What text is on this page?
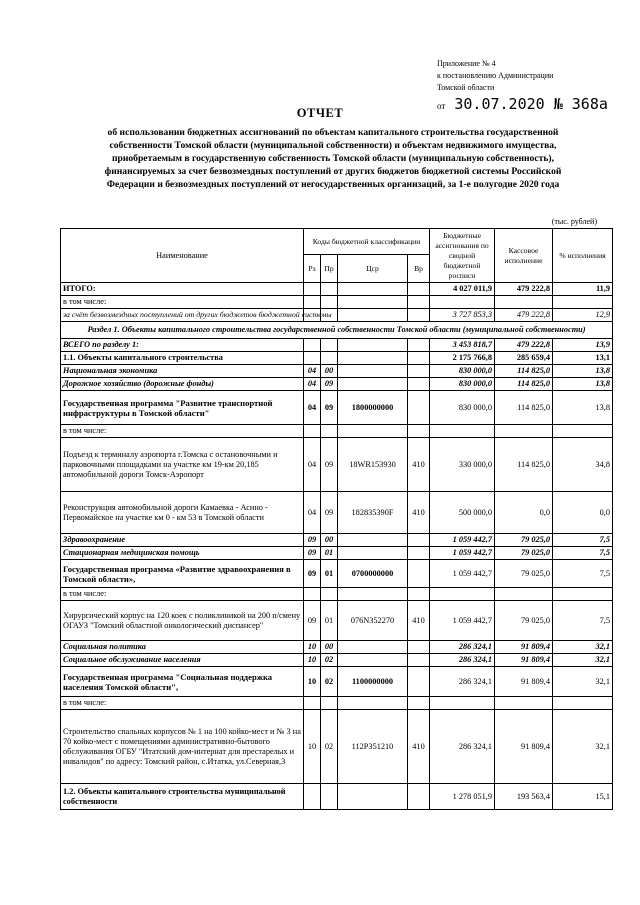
Приложение № 4
к постановлению Администрации
Томской области
от 30.07.2020 № 368а
ОТЧЕТ
об использовании бюджетных ассигнований по объектам капитального строительства государственной собственности Томской области (муниципальной собственности) и объектам недвижимого имущества, приобретаемым в государственную собственность Томской области (муниципальную собственность), финансируемых за счет безвозмездных поступлений от других бюджетов бюджетной системы Российской Федерации и безвозмездных поступлений от негосударственных организаций, за 1-е полугодие 2020 года
(тыс. рублей)
Наименование	Коды бюджетной классификации				Бюджетные ассигнования по сводной бюджетной росписи	Кассовое исполнение	% исполнения
	Рз	Пр	Цср	Вр			
ИТОГО:					4 027 011,9	479 222,8	11,9
в том числе:							
за счёт безвозмездных поступлений от других бюджетов бюджетной системы					3 727 853,3	479 222,8	12,9
Раздел 1. Объекты капитального строительства государственной собственности Томской области (муниципальной собственности)							
ВСЕГО по разделу 1:					3 453 818,7	479 222,8	13,9
1.1. Объекты капитального строительства					2 175 766,8	285 659,4	13,1
Национальная экономика	04	00			830 000,0	114 825,0	13,8
Дорожное хозяйство (дорожные фонды)	04	09			830 000,0	114 825,0	13,8
Государственная программа "Развитие транспортной инфраструктуры в Томской области"	04	09	1800000000		830 000,0	114 825,0	13,8
в том числе:							
Подъезд к терминалу аэропорта г.Томска с остановочными и парковочными площадками на участке км 19-км 20,185 автомобильной дороги Томск-Аэропорт	04	09	18WR153930	410	330 000,0	114 825,0	34,8
Реконструкция автомобильной дороги Камаевка - Асино - Первомайское на участке км 0 - км 53 в Томской области	04	09	182835390F	410	500 000,0	0,0	0,0
Здравоохранение	09	00			1 059 442,7	79 025,0	7,5
Стационарная медицинская помощь	09	01			1 059 442,7	79 025,0	7,5
Государственная программа «Развитие здравоохранения в Томской области»,	09	01	0700000000		1 059 442,7	79 025,0	7,5
в том числе:							
Хирургический корпус на 120 коек с поликлиникой на 200 п/смену ОГАУЗ "Томский областной онкологический диспансер"	09	01	076N352270	410	1 059 442,7	79 025,0	7,5
Социальная политика	10	00			286 324,1	91 809,4	32,1
Социальное обслуживание населения	10	02			286 324,1	91 809,4	32,1
Государственная программа "Социальная поддержка населения Томской области",	10	02	1100000000		286 324,1	91 809,4	32,1
в том числе:							
Строительство спальных корпусов № 1 на 100 койко-мест и № 3 на 70 койко-мест с помещениями административно-бытового обслуживания ОГБУ "Итатский дом-интернат для престарелых и инвалидов" по адресу: Томский район, с.Итатка, ул.Северная,3	10	02	112P351210	410	286 324,1	91 809,4	32,1
1.2. Объекты капитального строительства муниципальной собственности					1 278 051,9	193 563,4	15,1
